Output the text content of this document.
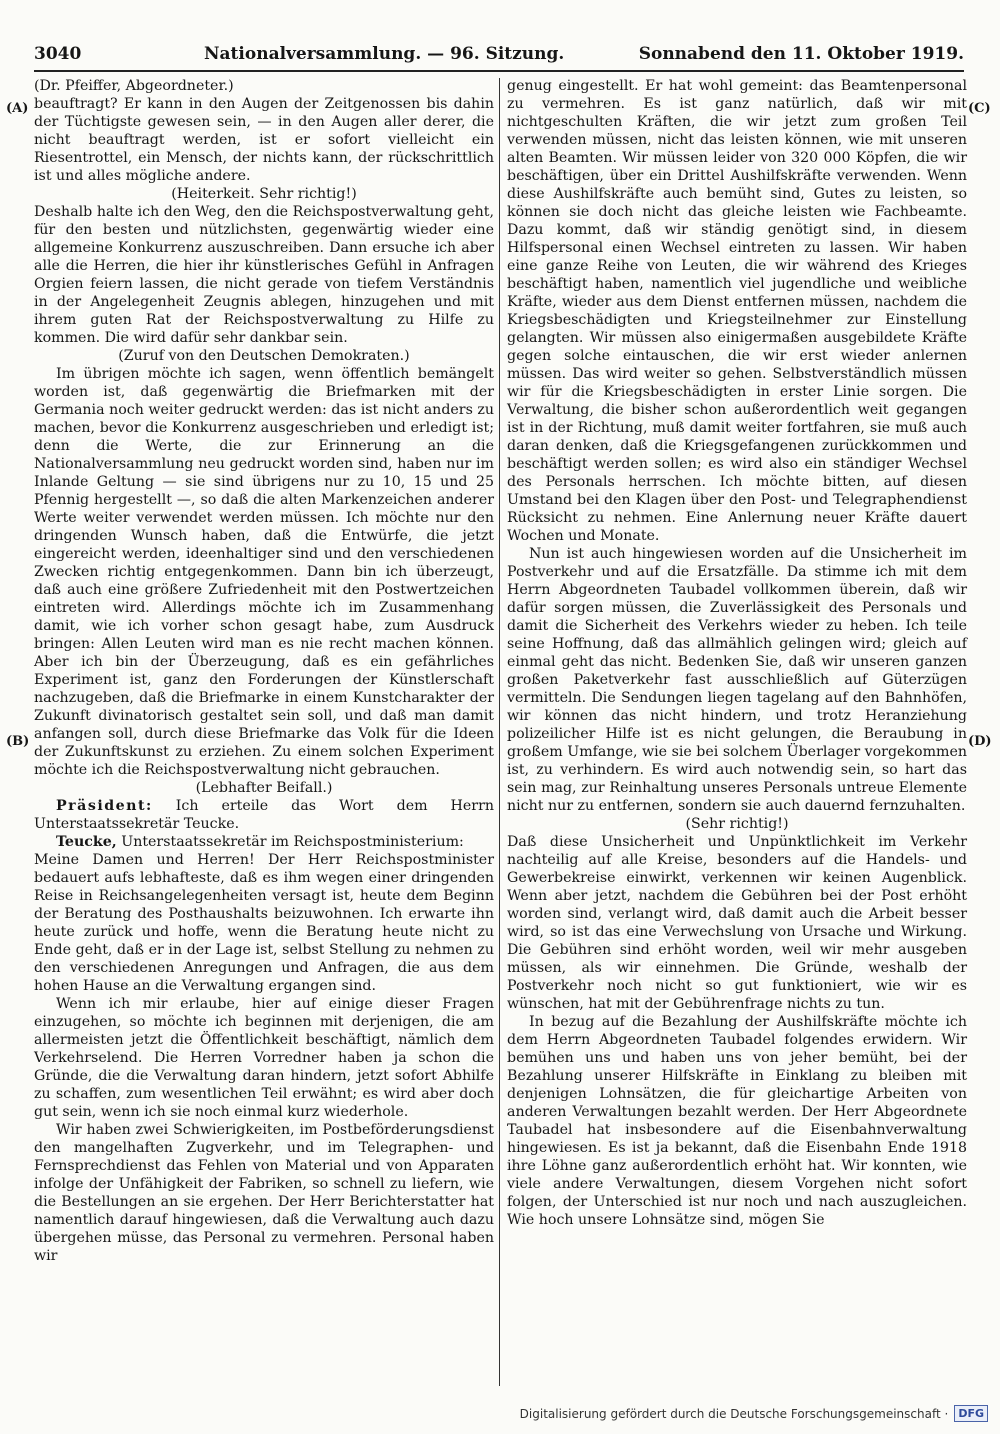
3040	Nationalversammlung. — 96. Sitzung.	Sonnabend den 11. Oktober 1919.
(A)
(B)
(C)
(D)

(Dr. Pfeiffer, Abgeordneter.)

beauftragt? Er kann in den Augen der Zeitgenossen bis dahin der Tüchtigste gewesen sein, — in den Augen aller derer, die nicht beauftragt werden, ist er sofort vielleicht ein Riesentrottel, ein Mensch, der nichts kann, der rückschrittlich ist und alles mögliche andere.

(Heiterkeit. Sehr richtig!)

Deshalb halte ich den Weg, den die Reichspostverwaltung geht, für den besten und nützlichsten, gegenwärtig wieder eine allgemeine Konkurrenz auszuschreiben. Dann ersuche ich aber alle die Herren, die hier ihr künstlerisches Gefühl in Anfragen Orgien feiern lassen, die nicht gerade von tiefem Verständnis in der Angelegenheit Zeugnis ablegen, hinzugehen und mit ihrem guten Rat der Reichspostverwaltung zu Hilfe zu kommen. Die wird dafür sehr dankbar sein.

(Zuruf von den Deutschen Demokraten.)

Im übrigen möchte ich sagen, wenn öffentlich bemängelt worden ist, daß gegenwärtig die Briefmarken mit der Germania noch weiter gedruckt werden: das ist nicht anders zu machen, bevor die Konkurrenz ausgeschrieben und erledigt ist; denn die Werte, die zur Erinnerung an die Nationalversammlung neu gedruckt worden sind, haben nur im Inlande Geltung — sie sind übrigens nur zu 10, 15 und 25 Pfennig hergestellt —, so daß die alten Markenzeichen anderer Werte weiter verwendet werden müssen. Ich möchte nur den dringenden Wunsch haben, daß die Entwürfe, die jetzt eingereicht werden, ideenhaltiger sind und den verschiedenen Zwecken richtig entgegenkommen. Dann bin ich überzeugt, daß auch eine größere Zufriedenheit mit den Postwertzeichen eintreten wird. Allerdings möchte ich im Zusammenhang damit, wie ich vorher schon gesagt habe, zum Ausdruck bringen: Allen Leuten wird man es nie recht machen können. Aber ich bin der Überzeugung, daß es ein gefährliches Experiment ist, ganz den Forderungen der Künstlerschaft nachzugeben, daß die Briefmarke in einem Kunstcharakter der Zukunft divinatorisch gestaltet sein soll, und daß man damit anfangen soll, durch diese Briefmarke das Volk für die Ideen der Zukunftskunst zu erziehen. Zu einem solchen Experiment möchte ich die Reichspostverwaltung nicht gebrauchen.

(Lebhafter Beifall.)

Präsident: Ich erteile das Wort dem Herrn Unterstaatssekretär Teucke.

Teucke, Unterstaatssekretär im Reichspostministerium:

Meine Damen und Herren! Der Herr Reichspostminister bedauert aufs lebhafteste, daß es ihm wegen einer dringenden Reise in Reichsangelegenheiten versagt ist, heute dem Beginn der Beratung des Posthaushalts beizuwohnen. Ich erwarte ihn heute zurück und hoffe, wenn die Beratung heute nicht zu Ende geht, daß er in der Lage ist, selbst Stellung zu nehmen zu den verschiedenen Anregungen und Anfragen, die aus dem hohen Hause an die Verwaltung ergangen sind.

Wenn ich mir erlaube, hier auf einige dieser Fragen einzugehen, so möchte ich beginnen mit derjenigen, die am allermeisten jetzt die Öffentlichkeit beschäftigt, nämlich dem Verkehrselend. Die Herren Vorredner haben ja schon die Gründe, die die Verwaltung daran hindern, jetzt sofort Abhilfe zu schaffen, zum wesentlichen Teil erwähnt; es wird aber doch gut sein, wenn ich sie noch einmal kurz wiederhole.

Wir haben zwei Schwierigkeiten, im Postbeförderungsdienst den mangelhaften Zugverkehr, und im Telegraphen- und Fernsprechdienst das Fehlen von Material und von Apparaten infolge der Unfähigkeit der Fabriken, so schnell zu liefern, wie die Bestellungen an sie ergehen. Der Herr Berichterstatter hat namentlich darauf hingewiesen, daß die Verwaltung auch dazu übergehen müsse, das Personal zu vermehren. Personal haben wir

genug eingestellt. Er hat wohl gemeint: das Beamtenpersonal zu vermehren. Es ist ganz natürlich, daß wir mit nichtgeschulten Kräften, die wir jetzt zum großen Teil verwenden müssen, nicht das leisten können, wie mit unseren alten Beamten. Wir müssen leider von 320 000 Köpfen, die wir beschäftigen, über ein Drittel Aushilfskräfte verwenden. Wenn diese Aushilfskräfte auch bemüht sind, Gutes zu leisten, so können sie doch nicht das gleiche leisten wie Fachbeamte. Dazu kommt, daß wir ständig genötigt sind, in diesem Hilfspersonal einen Wechsel eintreten zu lassen. Wir haben eine ganze Reihe von Leuten, die wir während des Krieges beschäftigt haben, namentlich viel jugendliche und weibliche Kräfte, wieder aus dem Dienst entfernen müssen, nachdem die Kriegsbeschädigten und Kriegsteilnehmer zur Einstellung gelangten. Wir müssen also einigermaßen ausgebildete Kräfte gegen solche eintauschen, die wir erst wieder anlernen müssen. Das wird weiter so gehen. Selbstverständlich müssen wir für die Kriegsbeschädigten in erster Linie sorgen. Die Verwaltung, die bisher schon außerordentlich weit gegangen ist in der Richtung, muß damit weiter fortfahren, sie muß auch daran denken, daß die Kriegsgefangenen zurückkommen und beschäftigt werden sollen; es wird also ein ständiger Wechsel des Personals herrschen. Ich möchte bitten, auf diesen Umstand bei den Klagen über den Post- und Telegraphendienst Rücksicht zu nehmen. Eine Anlernung neuer Kräfte dauert Wochen und Monate.

Nun ist auch hingewiesen worden auf die Unsicherheit im Postverkehr und auf die Ersatzfälle. Da stimme ich mit dem Herrn Abgeordneten Taubadel vollkommen überein, daß wir dafür sorgen müssen, die Zuverlässigkeit des Personals und damit die Sicherheit des Verkehrs wieder zu heben. Ich teile seine Hoffnung, daß das allmählich gelingen wird; gleich auf einmal geht das nicht. Bedenken Sie, daß wir unseren ganzen großen Paketverkehr fast ausschließlich auf Güterzügen vermitteln. Die Sendungen liegen tagelang auf den Bahnhöfen, wir können das nicht hindern, und trotz Heranziehung polizeilicher Hilfe ist es nicht gelungen, die Beraubung in großem Umfange, wie sie bei solchem Überlager vorgekommen ist, zu verhindern. Es wird auch notwendig sein, so hart das sein mag, zur Reinhaltung unseres Personals untreue Elemente nicht nur zu entfernen, sondern sie auch dauernd fernzuhalten.

(Sehr richtig!)

Daß diese Unsicherheit und Unpünktlichkeit im Verkehr nachteilig auf alle Kreise, besonders auf die Handels- und Gewerbekreise einwirkt, verkennen wir keinen Augenblick. Wenn aber jetzt, nachdem die Gebühren bei der Post erhöht worden sind, verlangt wird, daß damit auch die Arbeit besser wird, so ist das eine Verwechslung von Ursache und Wirkung. Die Gebühren sind erhöht worden, weil wir mehr ausgeben müssen, als wir einnehmen. Die Gründe, weshalb der Postverkehr noch nicht so gut funktioniert, wie wir es wünschen, hat mit der Gebührenfrage nichts zu tun.

In bezug auf die Bezahlung der Aushilfskräfte möchte ich dem Herrn Abgeordneten Taubadel folgendes erwidern. Wir bemühen uns und haben uns von jeher bemüht, bei der Bezahlung unserer Hilfskräfte in Einklang zu bleiben mit denjenigen Lohnsätzen, die für gleichartige Arbeiten von anderen Verwaltungen bezahlt werden. Der Herr Abgeordnete Taubadel hat insbesondere auf die Eisenbahnverwaltung hingewiesen. Es ist ja bekannt, daß die Eisenbahn Ende 1918 ihre Löhne ganz außerordentlich erhöht hat. Wir konnten, wie viele andere Verwaltungen, diesem Vorgehen nicht sofort folgen, der Unterschied ist nur noch und nach auszugleichen. Wie hoch unsere Lohnsätze sind, mögen Sie

Digitalisierung gefördert durch die Deutsche Forschungsgemeinschaft · DFG
